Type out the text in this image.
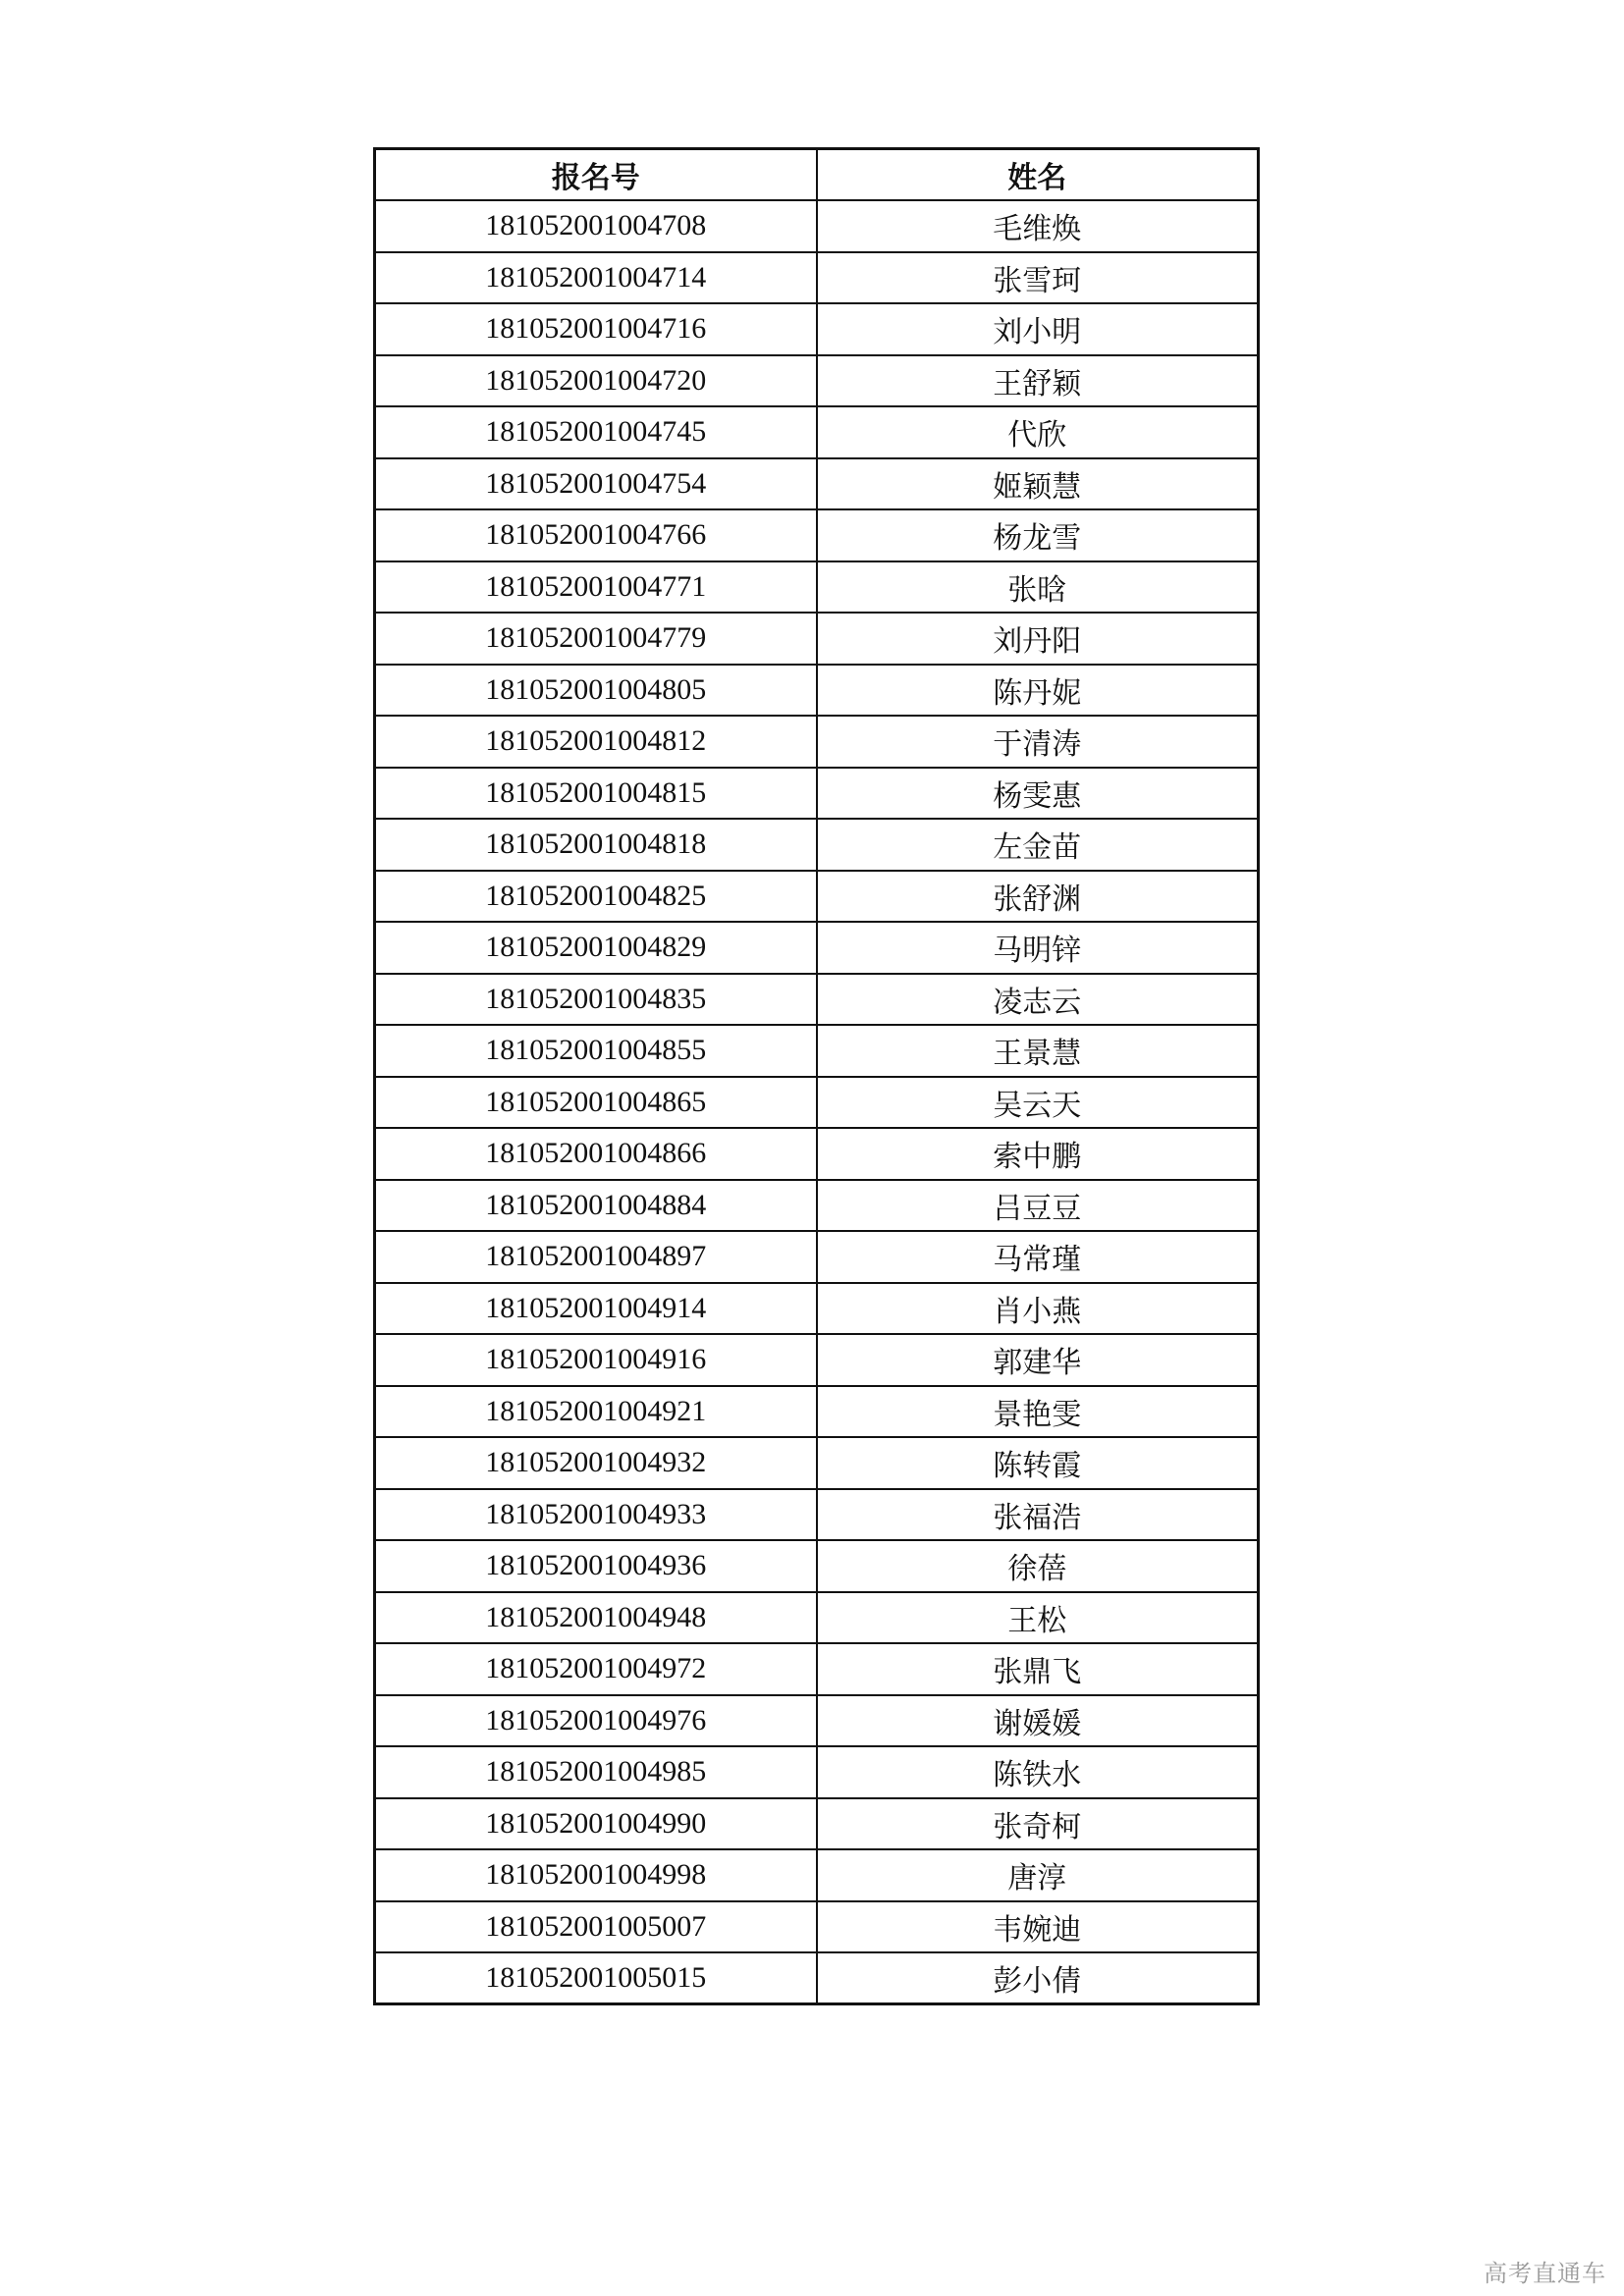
报名号	姓名
181052001004708	毛维焕
181052001004714	张雪珂
181052001004716	刘小明
181052001004720	王舒颖
181052001004745	代欣
181052001004754	姬颖慧
181052001004766	杨龙雪
181052001004771	张晗
181052001004779	刘丹阳
181052001004805	陈丹妮
181052001004812	于清涛
181052001004815	杨雯惠
181052001004818	左金苗
181052001004825	张舒渊
181052001004829	马明锌
181052001004835	凌志云
181052001004855	王景慧
181052001004865	吴云天
181052001004866	索中鹏
181052001004884	吕豆豆
181052001004897	马常瑾
181052001004914	肖小燕
181052001004916	郭建华
181052001004921	景艳雯
181052001004932	陈转霞
181052001004933	张福浩
181052001004936	徐蓓
181052001004948	王松
181052001004972	张鼎飞
181052001004976	谢媛媛
181052001004985	陈铁水
181052001004990	张奇柯
181052001004998	唐淳
181052001005007	韦婉迪
181052001005015	彭小倩
高考直通车
